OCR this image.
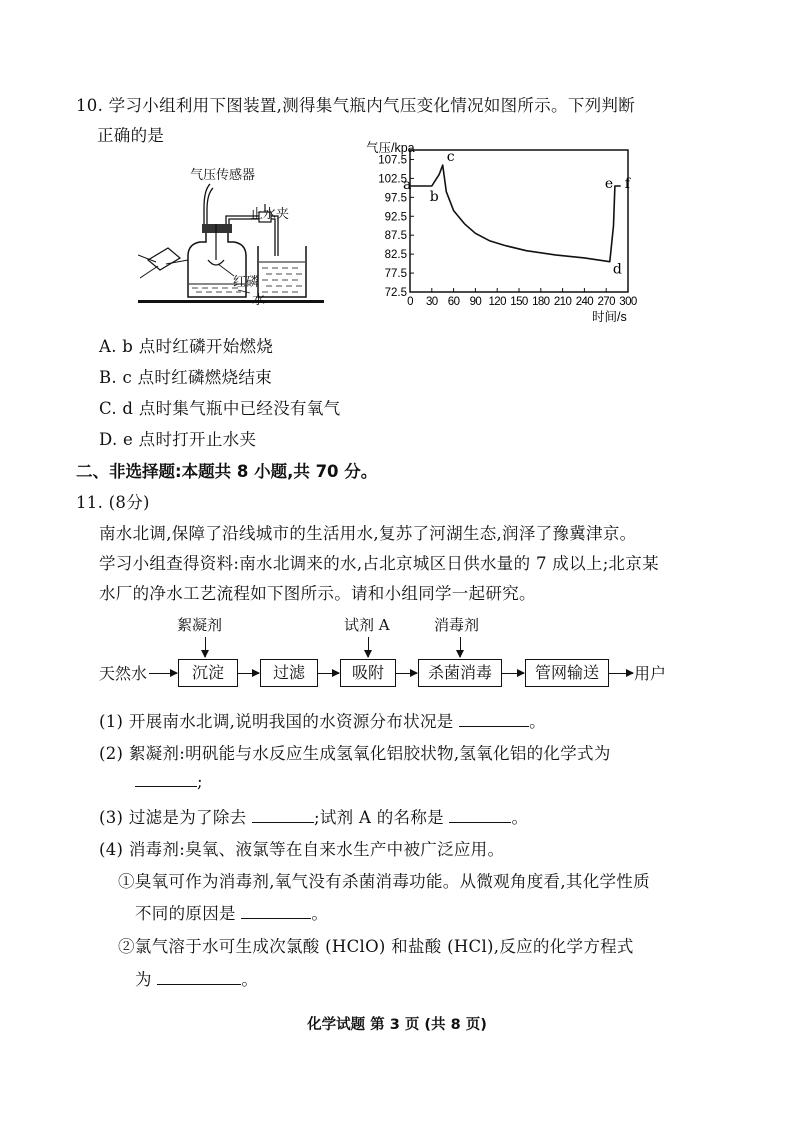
10. 学习小组利用下图装置,测得集气瓶内气压变化情况如图所示。下列判断
正确的是
气压传感器
止水夹
红磷
水	72.5
77.5
82.5
87.5
92.5
97.5
102.5
107.5
0 30 60 90 120 150 180 210 240 270 300
气压/kpa
时间/s
a
b
c
d
e f
A. b 点时红磷开始燃烧
B. c 点时红磷燃烧结束
C. d 点时集气瓶中已经没有氧气
D. e 点时打开止水夹
二、非选择题:本题共 8 小题,共 70 分。
11. (8分)
南水北调,保障了沿线城市的生活用水,复苏了河湖生态,润泽了豫冀津京。
学习小组查得资料:南水北调来的水,占北京城区日供水量的 7 成以上;北京某
水厂的净水工艺流程如下图所示。请和小组同学一起研究。
絮凝剂	试剂 A	消毒剂
天然水	沉淀	过滤	吸附	杀菌消毒	管网输送	用户
(1) 开展南水北调,说明我国的水资源分布状况是	。
(2) 絮凝剂:明矾能与水反应生成氢氧化铝胶状物,氢氧化铝的化学式为
;
(3) 过滤是为了除去	;试剂 A 的名称是	。
(4) 消毒剂:臭氧、液氯等在自来水生产中被广泛应用。
①臭氧可作为消毒剂,氧气没有杀菌消毒功能。从微观角度看,其化学性质
不同的原因是	。
②氯气溶于水可生成次氯酸 (HClO) 和盐酸 (HCl),反应的化学方程式
为	。
化学试题 第 3 页 (共 8 页)
